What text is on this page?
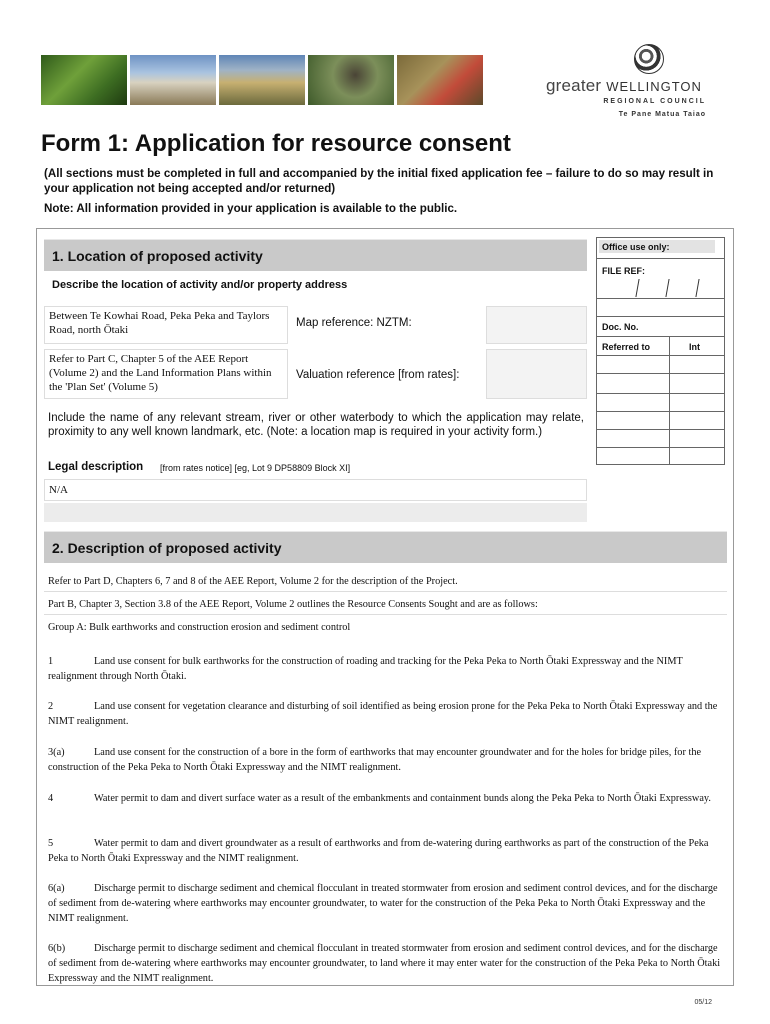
greater WELLINGTON
REGIONAL COUNCIL
Te Pane Matua Taiao
Form 1: Application for resource consent
(All sections must be completed in full and accompanied by the initial fixed application fee – failure to do so may result in your application not being accepted and/or returned)
Note: All information provided in your application is available to the public.
1. Location of proposed activity
Describe the location of activity and/or property address
Between Te Kowhai Road, Peka Peka and Taylors Road, north Ōtaki
Map reference: NZTM:
Refer to Part C, Chapter 5 of the AEE Report (Volume 2) and the Land Information Plans within the 'Plan Set' (Volume 5)
Valuation reference [from rates]:
Include the name of any relevant stream, river or other waterbody to which the application may relate, proximity to any well known landmark, etc. (Note: a location map is required in your activity form.)
Legal description [from rates notice] [eg, Lot 9 DP58809 Block XI]
N/A
Office use only:
FILE REF:
Doc. No.
Referred to	Int
2. Description of proposed activity
Refer to Part D, Chapters 6, 7 and 8 of the AEE Report, Volume 2 for the description of the Project.
Part B, Chapter 3, Section 3.8 of the AEE Report, Volume 2 outlines the Resource Consents Sought and are as follows:
Group A: Bulk earthworks and construction erosion and sediment control
1	Land use consent for bulk earthworks for the construction of roading and tracking for the Peka Peka to North Ōtaki Expressway and the NIMT realignment through North Ōtaki.
2	Land use consent for vegetation clearance and disturbing of soil identified as being erosion prone for the Peka Peka to North Ōtaki Expressway and the NIMT realignment.
3(a)	Land use consent for the construction of a bore in the form of earthworks that may encounter groundwater and for the holes for bridge piles, for the construction of the Peka Peka to North Ōtaki Expressway and the NIMT realignment.
4	Water permit to dam and divert surface water as a result of the embankments and containment bunds along the Peka Peka to North Ōtaki Expressway.
5	Water permit to dam and divert groundwater as a result of earthworks and from de-watering during earthworks as part of the construction of the Peka Peka to North Ōtaki Expressway and the NIMT realignment.
6(a)	Discharge permit to discharge sediment and chemical flocculant in treated stormwater from erosion and sediment control devices, and for the discharge of sediment from de-watering where earthworks may encounter groundwater, to water for the construction of the Peka Peka to North Ōtaki Expressway and the NIMT realignment.
6(b)	Discharge permit to discharge sediment and chemical flocculant in treated stormwater from erosion and sediment control devices, and for the discharge of sediment from de-watering where earthworks may encounter groundwater, to land where it may enter water for the construction of the Peka Peka to North Ōtaki Expressway and the NIMT realignment.
05/12
